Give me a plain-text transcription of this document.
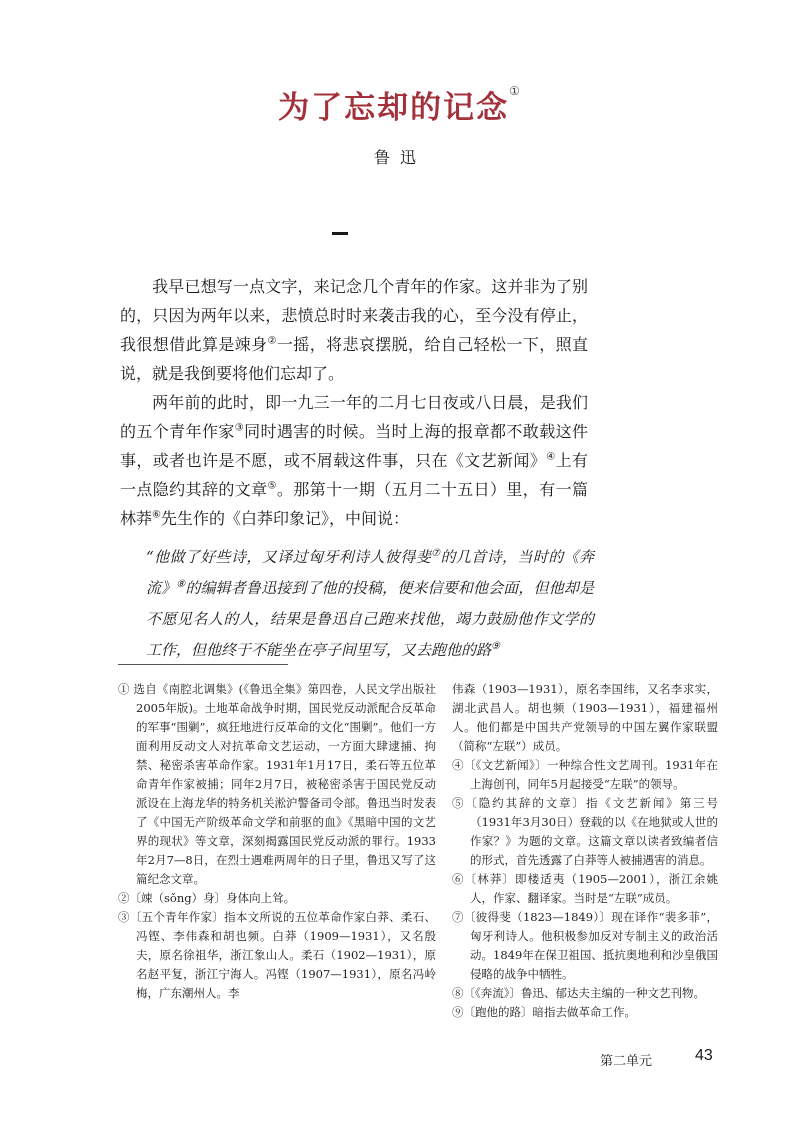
为了忘却的记念①
鲁迅

我早已想写一点文字，来记念几个青年的作家。这并非为了别的，只因为两年以来，悲愤总时时来袭击我的心，至今没有停止，我很想借此算是竦身②一摇，将悲哀摆脱，给自己轻松一下，照直说，就是我倒要将他们忘却了。

两年前的此时，即一九三一年的二月七日夜或八日晨，是我们的五个青年作家③同时遇害的时候。当时上海的报章都不敢载这件事，或者也许是不愿，或不屑载这件事，只在《文艺新闻》④上有一点隐约其辞的文章⑤。那第十一期（五月二十五日）里，有一篇林莽⑥先生作的《白莽印象记》，中间说：

“他做了好些诗，又译过匈牙利诗人彼得斐⑦的几首诗，当时的《奔流》⑧的编辑者鲁迅接到了他的投稿，便来信要和他会面，但他却是不愿见名人的人，结果是鲁迅自己跑来找他，竭力鼓励他作文学的工作，但他终于不能坐在亭子间里写，又去跑他的路⑨

① 选自《南腔北调集》(《鲁迅全集》第四卷，人民文学出版社 2005年版)。土地革命战争时期，国民党反动派配合反革命的军事“围剿”，疯狂地进行反革命的文化“围剿”。他们一方面利用反动文人对抗革命文艺运动，一方面大肆逮捕、拘禁、秘密杀害革命作家。1931年1月17日，柔石等五位革命青年作家被捕；同年2月7日，被秘密杀害于国民党反动派设在上海龙华的特务机关淞沪警备司令部。鲁迅当时发表了《中国无产阶级革命文学和前驱的血》《黑暗中国的文艺界的现状》等文章，深刻揭露国民党反动派的罪行。1933年2月7—8日，在烈士遇难两周年的日子里，鲁迅又写了这篇纪念文章。

②〔竦（sǒng）身〕身体向上耸。

③〔五个青年作家〕指本文所说的五位革命作家白莽、柔石、冯铿、李伟森和胡也频。白莽（1909—1931），又名殷夫，原名徐祖华，浙江象山人。柔石（1902—1931），原名赵平复，浙江宁海人。冯铿（1907—1931），原名冯岭梅，广东潮州人。李

伟森（1903—1931），原名李国纬，又名李求实，湖北武昌人。胡也频（1903—1931），福建福州人。他们都是中国共产党领导的中国左翼作家联盟（简称“左联”）成员。

④〔《文艺新闻》〕一种综合性文艺周刊。1931年在上海创刊，同年5月起接受“左联”的领导。

⑤〔隐约其辞的文章〕指《文艺新闻》第三号（1931年3月30日）登载的以《在地狱或人世的作家？》为题的文章。这篇文章以读者致编者信的形式，首先透露了白莽等人被捕遇害的消息。

⑥〔林莽〕即楼适夷（1905—2001），浙江余姚人，作家、翻译家。当时是“左联”成员。

⑦〔彼得斐（1823—1849）〕现在译作“裴多菲”，匈牙利诗人。他积极参加反对专制主义的政治活动。1849年在保卫祖国、抵抗奥地利和沙皇俄国侵略的战争中牺牲。

⑧〔《奔流》〕鲁迅、郁达夫主编的一种文艺刊物。

⑨〔跑他的路〕暗指去做革命工作。

第二单元	43
